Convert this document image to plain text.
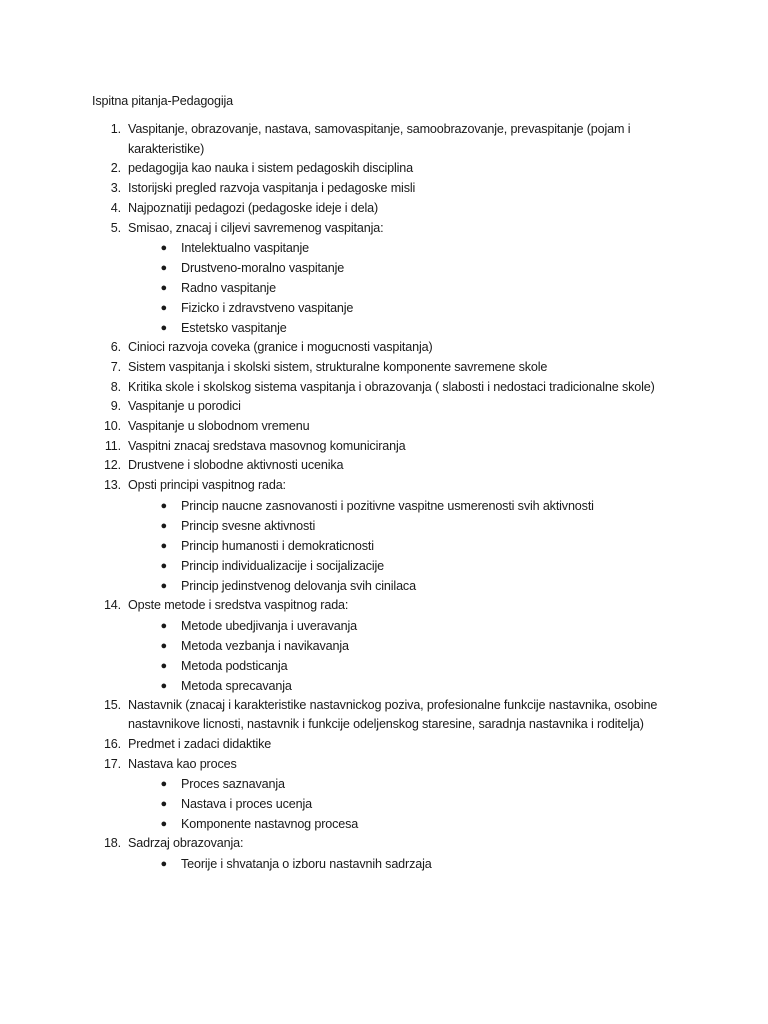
Ispitna pitanja-Pedagogija
1. Vaspitanje, obrazovanje, nastava, samovaspitanje, samoobrazovanje, prevaspitanje (pojam i karakteristike)
2. pedagogija kao nauka i sistem pedagoskih disciplina
3. Istorijski pregled razvoja vaspitanja i pedagoske misli
4. Najpoznatiji pedagozi (pedagoske ideje i dela)
5. Smisao, znacaj i ciljevi savremenog vaspitanja:
●	Intelektualno vaspitanje
●	Drustveno-moralno vaspitanje
●	Radno vaspitanje
●	Fizicko i zdravstveno vaspitanje
●	Estetsko vaspitanje
6. Cinioci razvoja coveka (granice i mogucnosti vaspitanja)
7. Sistem vaspitanja i skolski sistem, strukturalne komponente savremene skole
8. Kritika skole i skolskog sistema vaspitanja i obrazovanja ( slabosti i nedostaci tradicionalne skole)
9. Vaspitanje u porodici
10. Vaspitanje u slobodnom vremenu
11. Vaspitni znacaj sredstava masovnog komuniciranja
12. Drustvene i slobodne aktivnosti ucenika
13. Opsti principi vaspitnog rada:
●	Princip naucne zasnovanosti i pozitivne vaspitne usmerenosti svih aktivnosti
●	Princip svesne aktivnosti
●	Princip humanosti i demokraticnosti
●	Princip individualizacije i socijalizacije
●	Princip jedinstvenog delovanja svih cinilaca
14. Opste metode i sredstva vaspitnog rada:
●	Metode ubedjivanja i uveravanja
●	Metoda vezbanja i navikavanja
●	Metoda podsticanja
●	Metoda sprecavanja
15. Nastavnik (znacaj i karakteristike nastavnickog poziva, profesionalne funkcije nastavnika, osobine nastavnikove licnosti, nastavnik i funkcije odeljenskog staresine, saradnja nastavnika i roditelja)
16. Predmet i zadaci didaktike
17. Nastava kao proces
●	Proces saznavanja
●	Nastava i proces ucenja
●	Komponente nastavnog procesa
18. Sadrzaj obrazovanja:
●	Teorije i shvatanja o izboru nastavnih sadrzaja
